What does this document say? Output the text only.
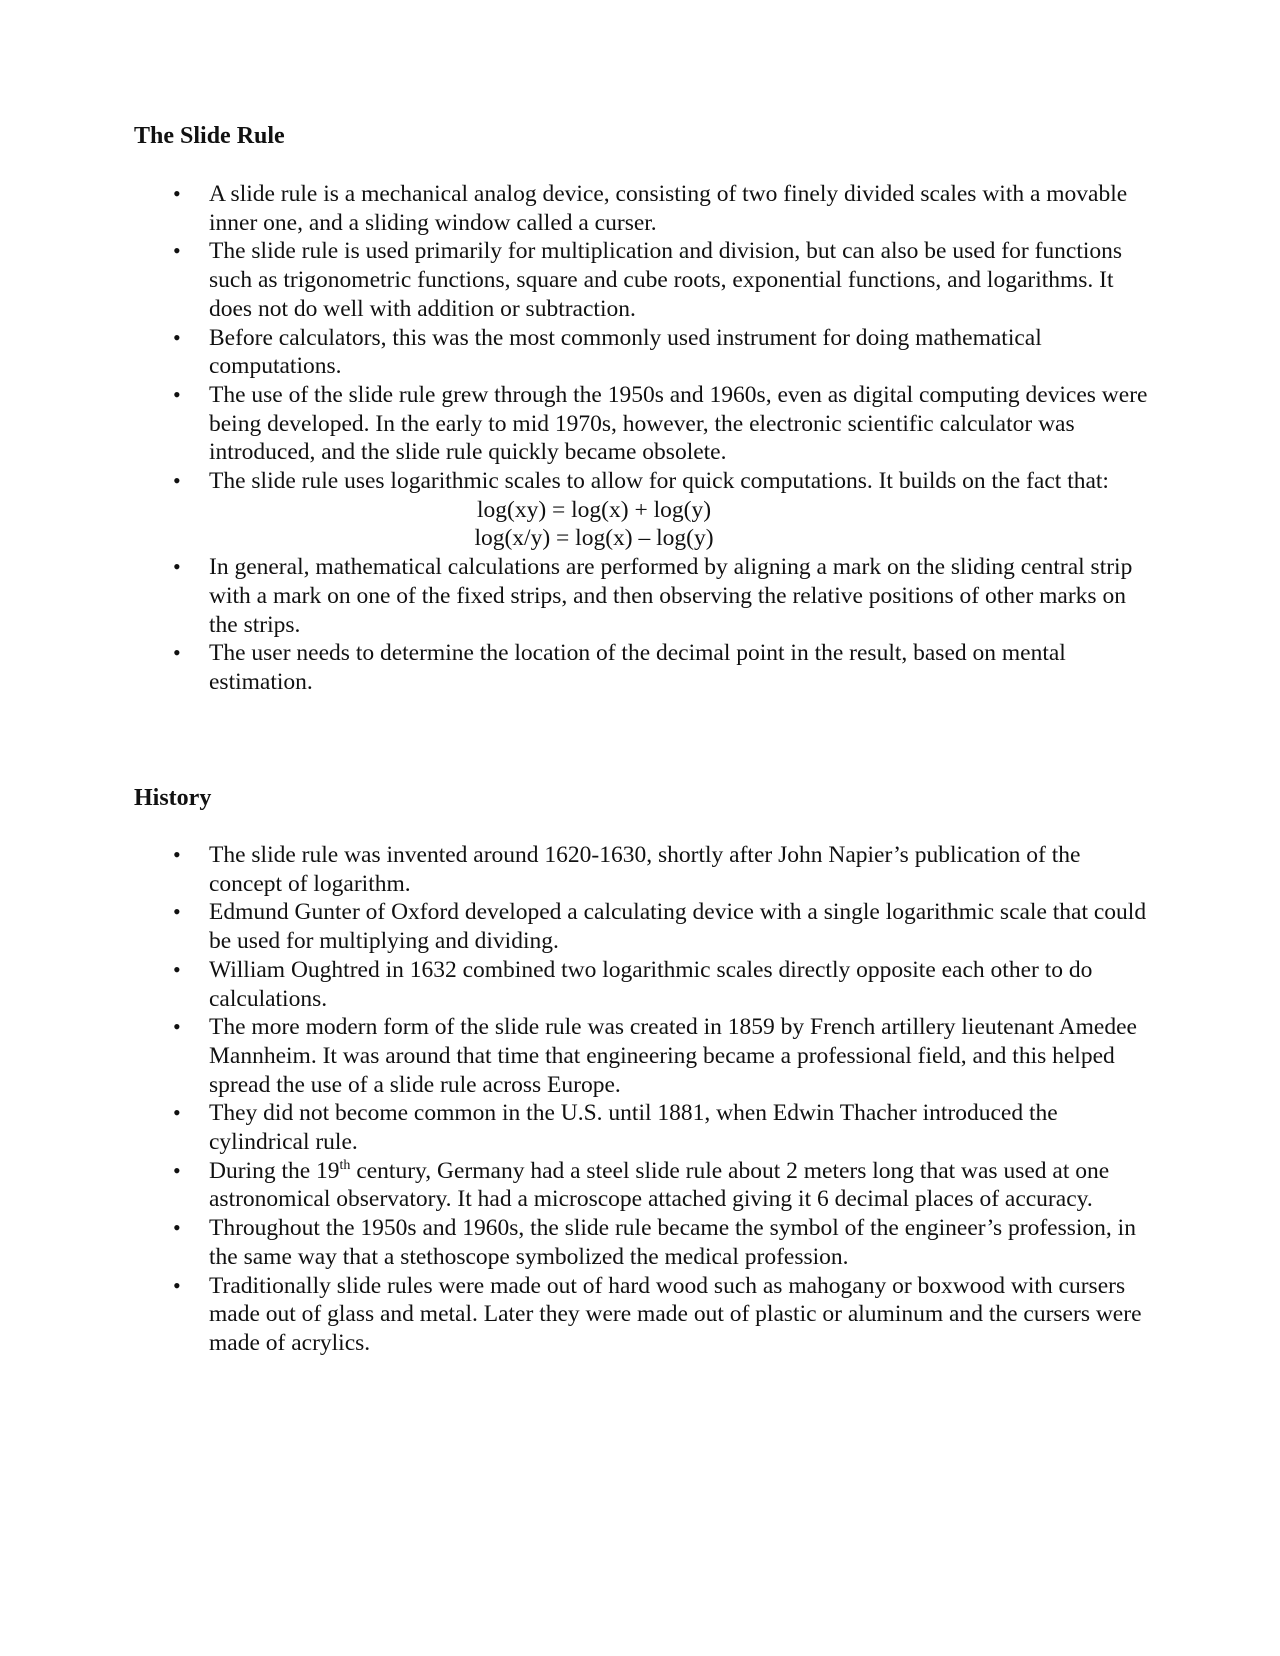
The Slide Rule
• A slide rule is a mechanical analog device, consisting of two finely divided scales with a movable inner one, and a sliding window called a curser.
• The slide rule is used primarily for multiplication and division, but can also be used for functions such as trigonometric functions, square and cube roots, exponential functions, and logarithms. It does not do well with addition or subtraction.
• Before calculators, this was the most commonly used instrument for doing mathematical computations.
• The use of the slide rule grew through the 1950s and 1960s, even as digital computing devices were being developed. In the early to mid 1970s, however, the electronic scientific calculator was introduced, and the slide rule quickly became obsolete.
• The slide rule uses logarithmic scales to allow for quick computations. It builds on the fact that:
log(xy) = log(x) + log(y)
log(x/y) = log(x) – log(y)
• In general, mathematical calculations are performed by aligning a mark on the sliding central strip with a mark on one of the fixed strips, and then observing the relative positions of other marks on the strips.
• The user needs to determine the location of the decimal point in the result, based on mental estimation.
History
• The slide rule was invented around 1620-1630, shortly after John Napier’s publication of the concept of logarithm.
• Edmund Gunter of Oxford developed a calculating device with a single logarithmic scale that could be used for multiplying and dividing.
• William Oughtred in 1632 combined two logarithmic scales directly opposite each other to do calculations.
• The more modern form of the slide rule was created in 1859 by French artillery lieutenant Amedee Mannheim. It was around that time that engineering became a professional field, and this helped spread the use of a slide rule across Europe.
• They did not become common in the U.S. until 1881, when Edwin Thacher introduced the cylindrical rule.
• During the 19th century, Germany had a steel slide rule about 2 meters long that was used at one astronomical observatory. It had a microscope attached giving it 6 decimal places of accuracy.
• Throughout the 1950s and 1960s, the slide rule became the symbol of the engineer’s profession, in the same way that a stethoscope symbolized the medical profession.
• Traditionally slide rules were made out of hard wood such as mahogany or boxwood with cursers made out of glass and metal. Later they were made out of plastic or aluminum and the cursers were made of acrylics.
